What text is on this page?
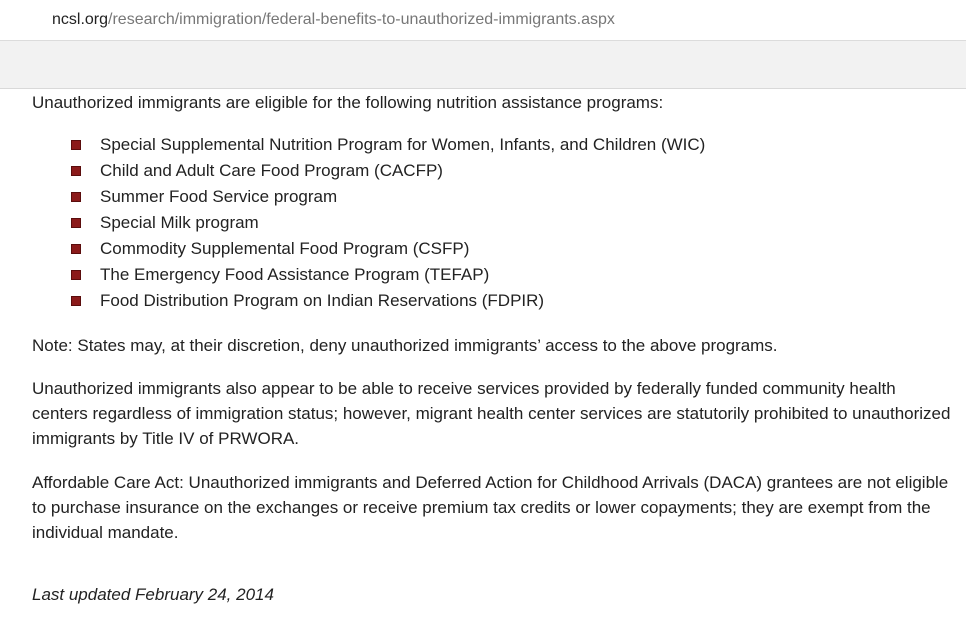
ncsl.org/research/immigration/federal-benefits-to-unauthorized-immigrants.aspx

Unauthorized immigrants are eligible for the following nutrition assistance programs:

Special Supplemental Nutrition Program for Women, Infants, and Children (WIC)
Child and Adult Care Food Program (CACFP)
Summer Food Service program
Special Milk program
Commodity Supplemental Food Program (CSFP)
The Emergency Food Assistance Program (TEFAP)
Food Distribution Program on Indian Reservations (FDPIR)

Note: States may, at their discretion, deny unauthorized immigrants’ access to the above programs.

Unauthorized immigrants also appear to be able to receive services provided by federally funded community health centers regardless of immigration status; however, migrant health center services are statutorily prohibited to unauthorized immigrants by Title IV of PRWORA.

Affordable Care Act: Unauthorized immigrants and Deferred Action for Childhood Arrivals (DACA) grantees are not eligible to purchase insurance on the exchanges or receive premium tax credits or lower copayments; they are exempt from the individual mandate.

Last updated February 24, 2014
